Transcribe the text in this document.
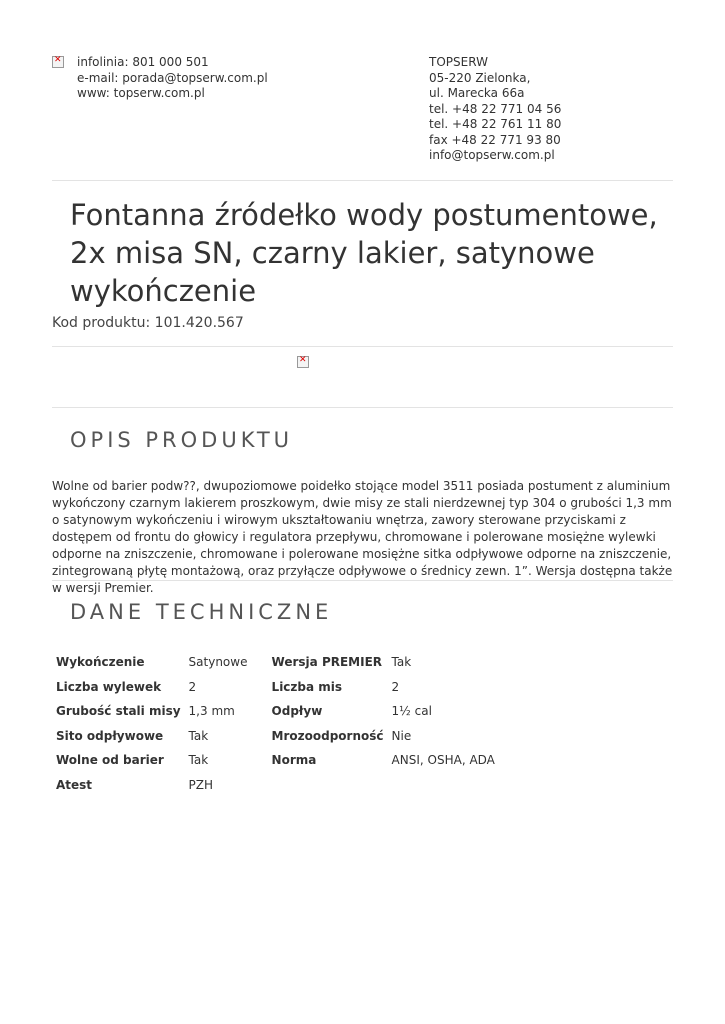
✕
infolinia: 801 000 501
e-mail: porada@topserw.com.pl
www: topserw.com.pl
TOPSERW
05-220 Zielonka,
ul. Marecka 66a
tel. +48 22 771 04 56
tel. +48 22 761 11 80
fax +48 22 771 93 80
info@topserw.com.pl
Fontanna źródełko wody postumentowe, 2x misa SN, czarny lakier, satynowe wykończenie
Kod produktu: 101.420.567
✕
OPIS PRODUKTU

Wolne od barier podw??, dwupoziomowe poidełko stojące model 3511 posiada postument z aluminium wykończony czarnym lakierem proszkowym, dwie misy ze stali nierdzewnej typ 304 o grubości 1,3 mm o satynowym wykończeniu i wirowym ukształtowaniu wnętrza, zawory sterowane przyciskami z dostępem od frontu do głowicy i regulatora przepływu, chromowane i polerowane mosiężne wylewki odporne na zniszczenie, chromowane i polerowane mosiężne sitka odpływowe odporne na zniszczenie, zintegrowaną płytę montażową, oraz przyłącze odpływowe o średnicy zewn. 1”. Wersja dostępna także w wersji Premier.

DANE TECHNICZNE
Wykończenie	Satynowe	Wersja PREMIER	Tak
Liczba wylewek	2	Liczba mis	2
Grubość stali misy	1,3 mm	Odpływ	1½ cal
Sito odpływowe	Tak	Mrozoodporność	Nie
Wolne od barier	Tak	Norma	ANSI, OSHA, ADA
Atest	PZH		
